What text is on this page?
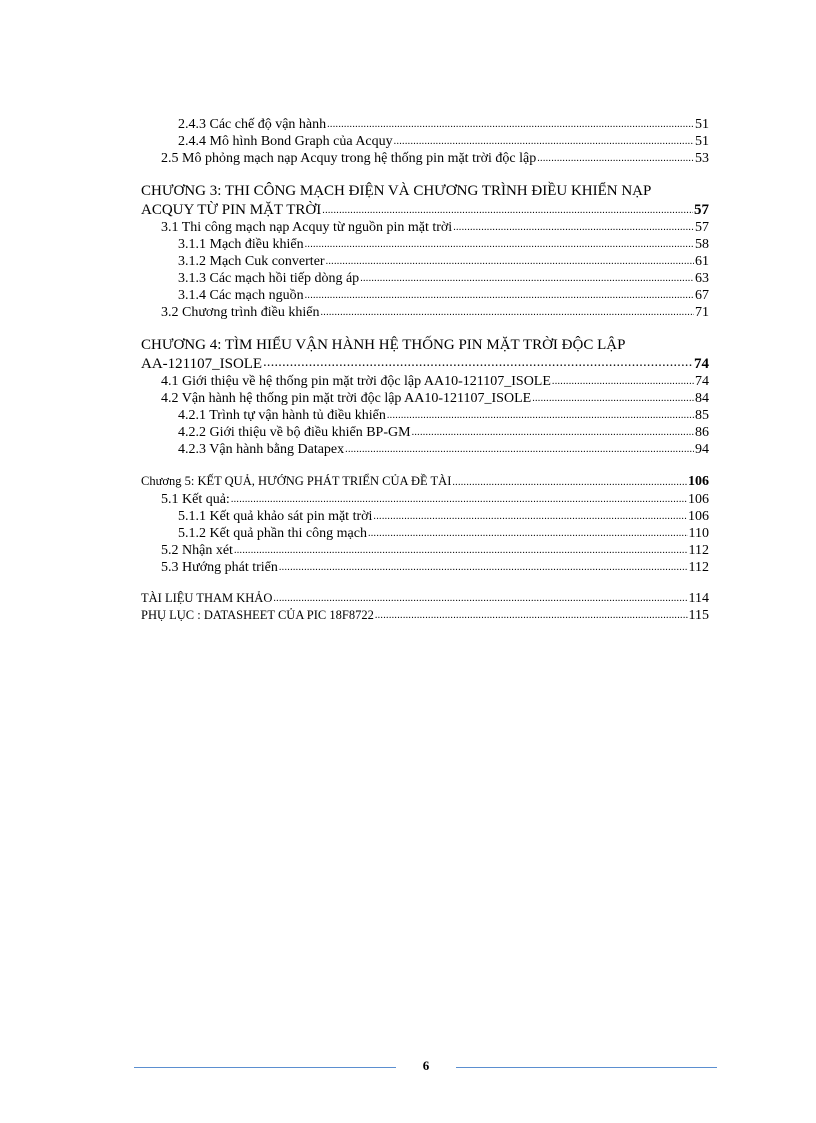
2.4.3 Các chế độ vận hành .....	51
2.4.4 Mô hình Bond Graph của Acquy .....	51
2.5 Mô phỏng mạch nạp Acquy trong hệ thống pin mặt trời độc lập .....	53
CHƯƠNG 3: THI CÔNG MẠCH ĐIỆN VÀ CHƯƠNG TRÌNH ĐIỀU KHIỂN NẠP
ACQUY TỪ PIN MẶT TRỜI .....	57
3.1 Thi công mạch nạp Acquy từ nguồn pin mặt trời .....	57
3.1.1 Mạch điều khiển .....	58
3.1.2 Mạch Cuk converter .....	61
3.1.3 Các mạch hồi tiếp dòng áp .....	63
3.1.4 Các mạch nguồn .....	67
3.2 Chương trình điều khiển .....	71
CHƯƠNG 4: TÌM HIỂU VẬN HÀNH HỆ THỐNG PIN MẶT TRỜI ĐỘC LẬP
AA-121107_ISOLE .....	74
4.1 Giới thiệu về hệ thống pin mặt trời độc lập AA10-121107_ISOLE .....	74
4.2 Vận hành hệ thống pin mặt trời độc lập AA10-121107_ISOLE .....	84
4.2.1 Trình tự vận hành tủ điều khiển .....	85
4.2.2 Giới thiệu về bộ điều khiển BP-GM .....	86
4.2.3 Vận hành bằng Datapex .....	94
Chương 5: KẾT QUẢ, HƯỚNG PHÁT TRIỂN CỦA ĐỀ TÀI .....	106
5.1 Kết quả: .....	106
5.1.1 Kết quả khảo sát pin mặt trời .....	106
5.1.2 Kết quả phần thi công mạch .....	110
5.2 Nhận xét .....	112
5.3 Hướng phát triển .....	112
TÀI LIỆU THAM KHẢO .....	114
PHỤ LỤC : DATASHEET CỦA PIC 18F8722 .....	115
6
